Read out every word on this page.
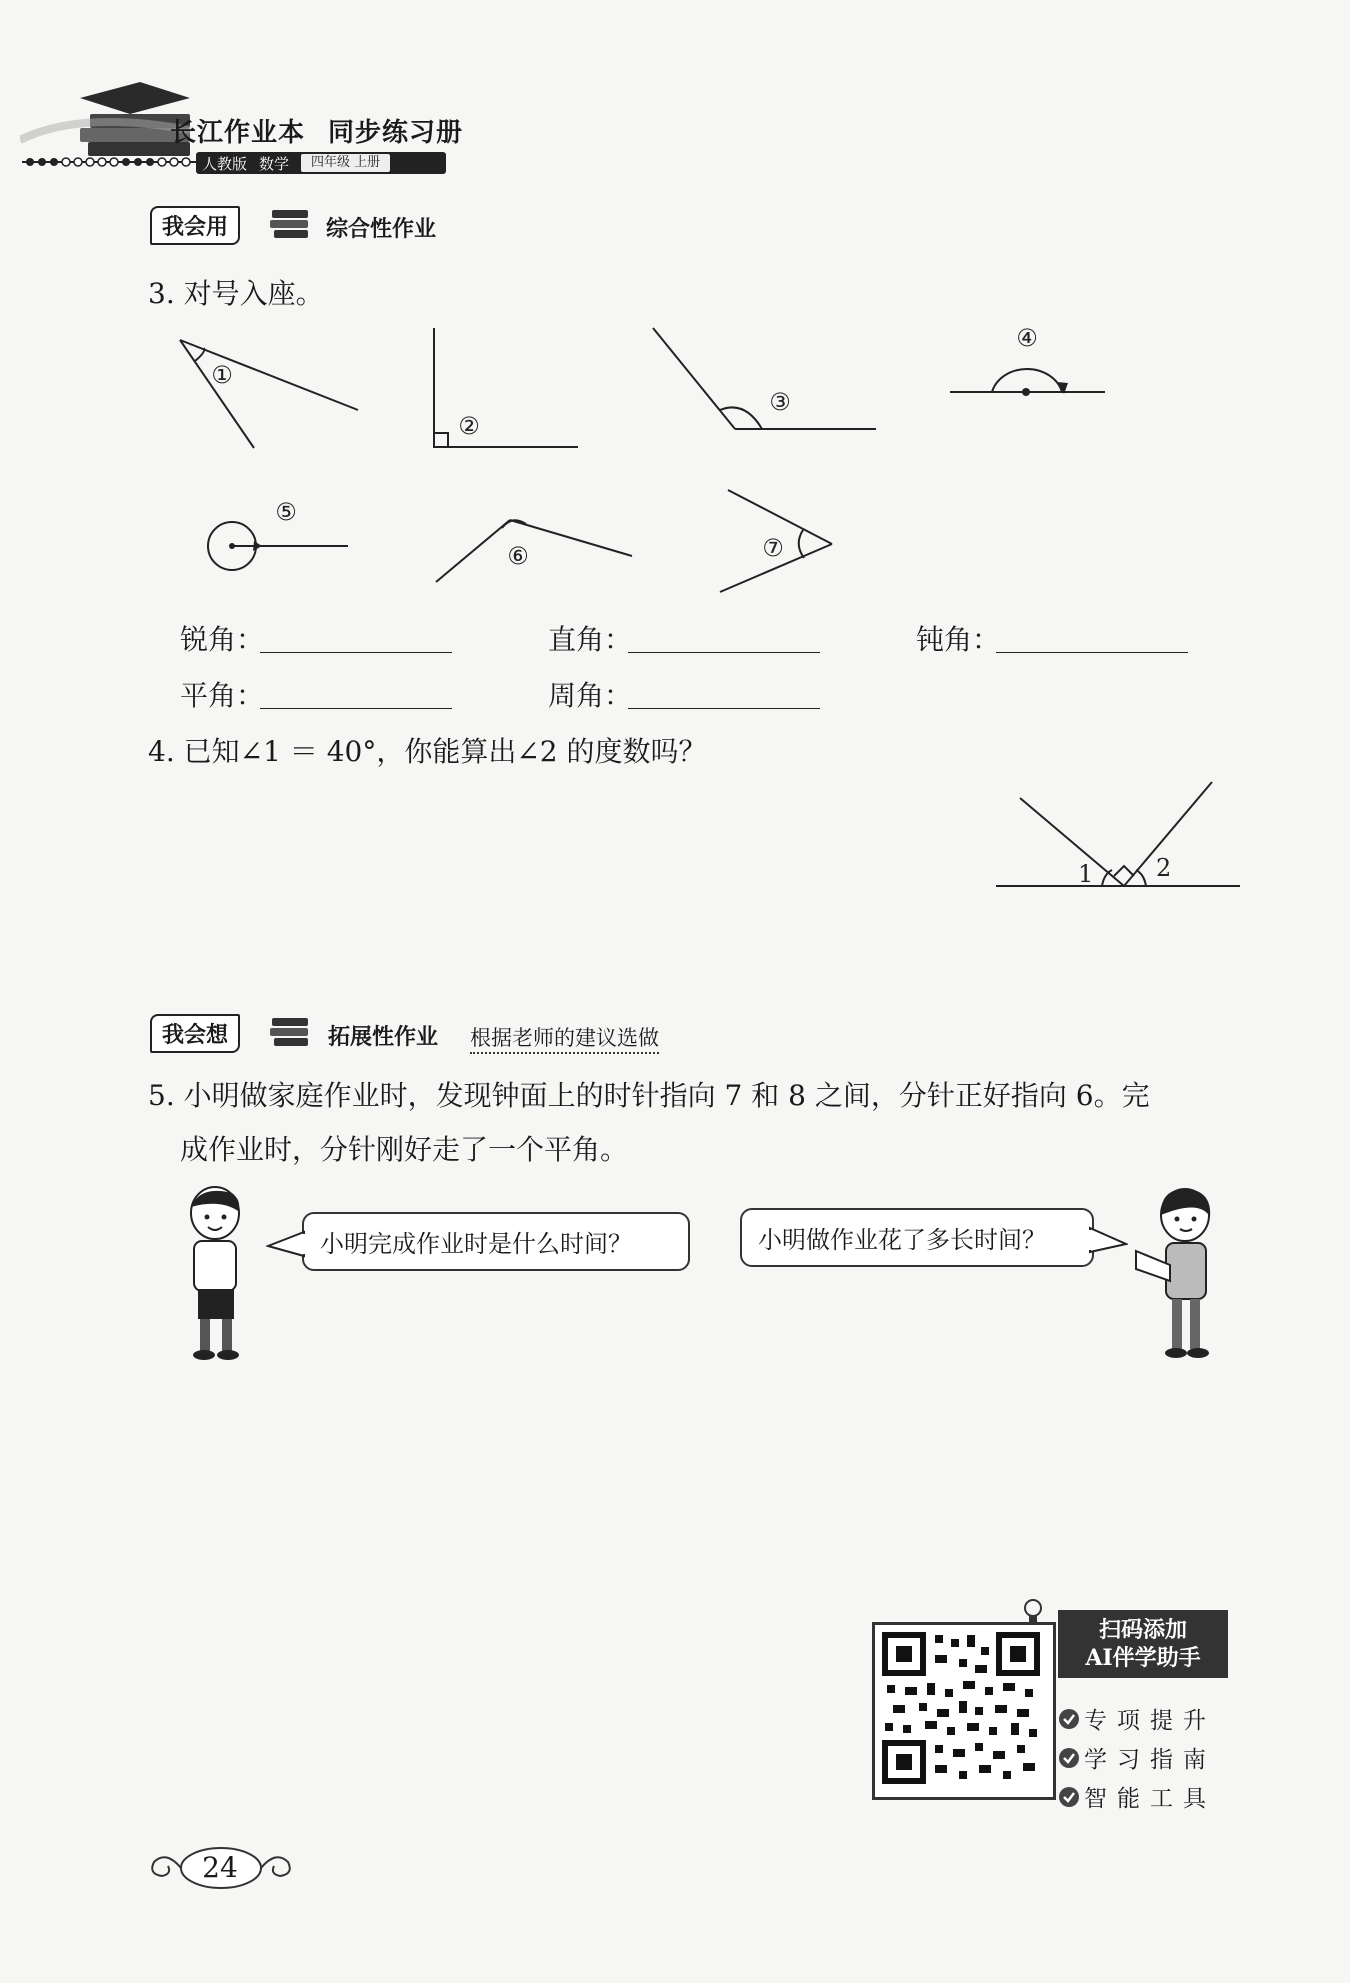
长江作业本 同步练习册
人教版 数学	四年级 上册
我会用	综合性作业
3. 对号入座。
①
②
③
④
⑤
⑥	⑦
锐角：	直角：	钝角：
平角：	周角：
4. 已知∠1 ＝ 40°，你能算出∠2 的度数吗？
1	2
我会想	拓展性作业 根据老师的建议选做
5. 小明做家庭作业时，发现钟面上的时针指向 7 和 8 之间，分针正好指向 6。完
成作业时，分针刚好走了一个平角。
小明完成作业时是什么时间？	小明做作业花了多长时间？
扫码添加
AI伴学助手
专项提升
学习指南
智能工具
24
